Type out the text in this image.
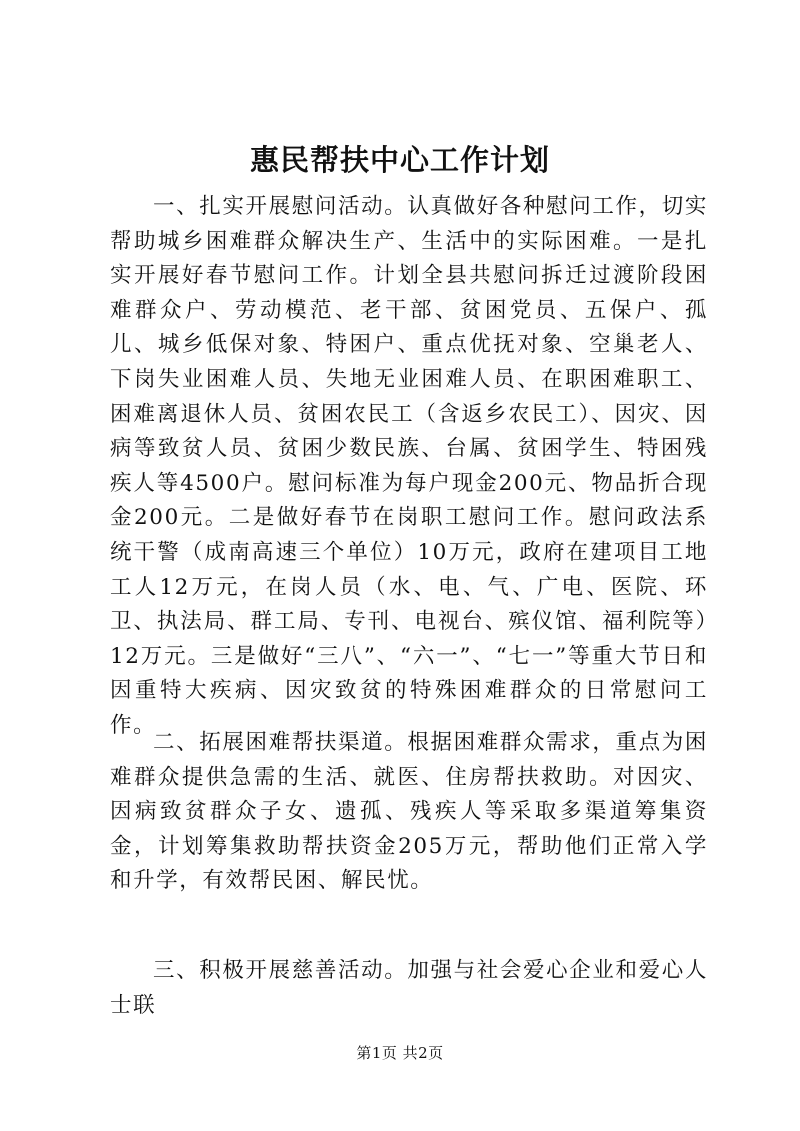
惠民帮扶中心工作计划

一、扎实开展慰问活动。认真做好各种慰问工作，切实帮助城乡困难群众解决生产、生活中的实际困难。一是扎实开展好春节慰问工作。计划全县共慰问拆迁过渡阶段困难群众户、劳动模范、老干部、贫困党员、五保户、孤儿、城乡低保对象、特困户、重点优抚对象、空巢老人、下岗失业困难人员、失地无业困难人员、在职困难职工、困难离退休人员、贫困农民工（含返乡农民工）、因灾、因病等致贫人员、贫困少数民族、台属、贫困学生、特困残疾人等4500户。慰问标准为每户现金200元、物品折合现金200元。二是做好春节在岗职工慰问工作。慰问政法系统干警（成南高速三个单位）10万元，政府在建项目工地工人12万元，在岗人员（水、电、气、广电、医院、环卫、执法局、群工局、专刊、电视台、殡仪馆、福利院等）12万元。三是做好“三八”、“六一”、“七一”等重大节日和因重特大疾病、因灾致贫的特殊困难群众的日常慰问工作。

二、拓展困难帮扶渠道。根据困难群众需求，重点为困难群众提供急需的生活、就医、住房帮扶救助。对因灾、因病致贫群众子女、遗孤、残疾人等采取多渠道筹集资金，计划筹集救助帮扶资金205万元，帮助他们正常入学和升学，有效帮民困、解民忧。

三、积极开展慈善活动。加强与社会爱心企业和爱心人士联

第1页 共2页
